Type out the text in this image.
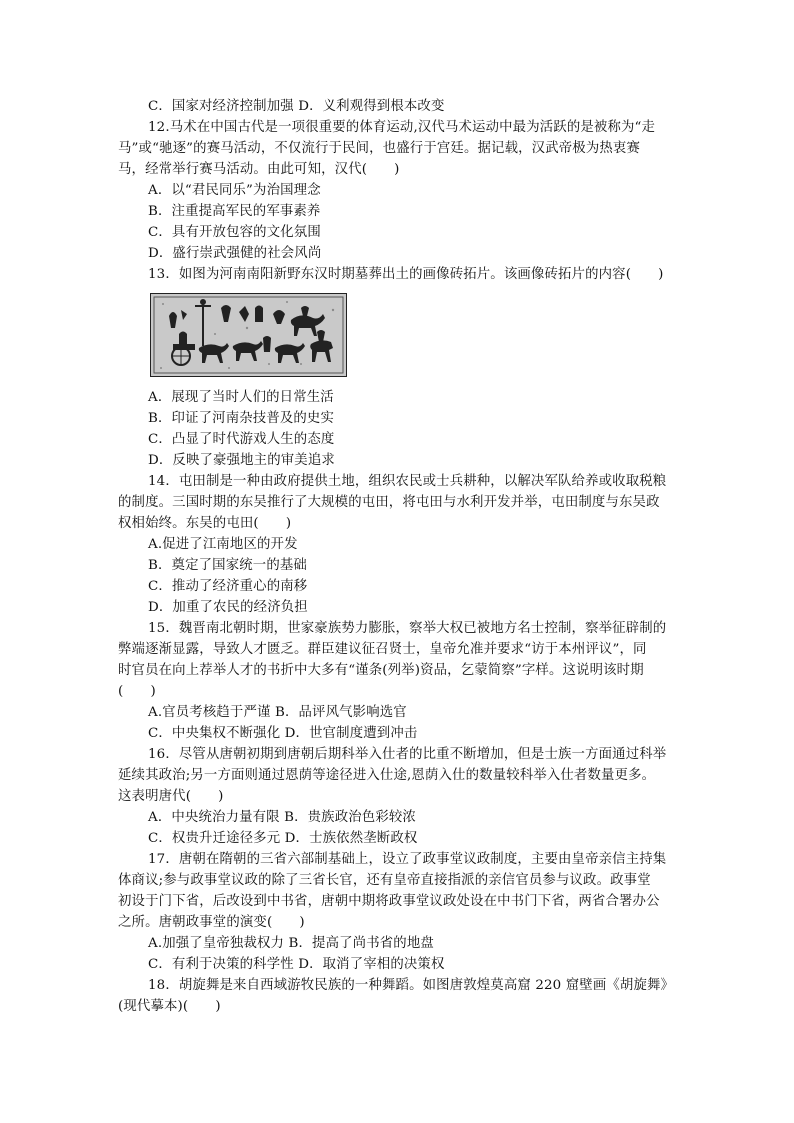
C．国家对经济控制加强 D．义利观得到根本改变
12.马术在中国古代是一项很重要的体育运动,汉代马术运动中最为活跃的是被称为“走
马”或“驰逐”的赛马活动，不仅流行于民间，也盛行于宫廷。据记载，汉武帝极为热衷赛
马，经常举行赛马活动。由此可知，汉代(　　)
A．以“君民同乐”为治国理念
B．注重提高军民的军事素养
C．具有开放包容的文化氛围
D．盛行崇武强健的社会风尚
13．如图为河南南阳新野东汉时期墓葬出土的画像砖拓片。该画像砖拓片的内容(　　)
A．展现了当时人们的日常生活
B．印证了河南杂技普及的史实
C．凸显了时代游戏人生的态度
D．反映了豪强地主的审美追求
14．屯田制是一种由政府提供土地，组织农民或士兵耕种，以解决军队给养或收取税粮
的制度。三国时期的东吴推行了大规模的屯田，将屯田与水利开发并举，屯田制度与东吴政
权相始终。东吴的屯田(　　)
A.促进了江南地区的开发
B．奠定了国家统一的基础
C．推动了经济重心的南移
D．加重了农民的经济负担
15．魏晋南北朝时期，世家豪族势力膨胀，察举大权已被地方名士控制，察举征辟制的
弊端逐渐显露，导致人才匮乏。群臣建议征召贤士，皇帝允准并要求“访于本州评议”，同
时官员在向上荐举人才的书折中大多有“谨条(列举)资品，乞蒙简察”字样。这说明该时期
(　　)
A.官员考核趋于严谨 B．品评风气影响选官
C．中央集权不断强化 D．世官制度遭到冲击
16．尽管从唐朝初期到唐朝后期科举入仕者的比重不断增加，但是士族一方面通过科举
延续其政治;另一方面则通过恩荫等途径进入仕途,恩荫入仕的数量较科举入仕者数量更多。
这表明唐代(　　)
A．中央统治力量有限 B．贵族政治色彩较浓
C．权贵升迁途径多元 D．士族依然垄断政权
17．唐朝在隋朝的三省六部制基础上，设立了政事堂议政制度，主要由皇帝亲信主持集
体商议;参与政事堂议政的除了三省长官，还有皇帝直接指派的亲信官员参与议政。政事堂
初设于门下省，后改设到中书省，唐朝中期将政事堂议政处设在中书门下省，两省合署办公
之所。唐朝政事堂的演变(　　)
A.加强了皇帝独裁权力 B．提高了尚书省的地盘
C．有利于决策的科学性 D．取消了宰相的决策权
18．胡旋舞是来自西域游牧民族的一种舞蹈。如图唐敦煌莫高窟 220 窟壁画《胡旋舞》
(现代摹本)(　　)
